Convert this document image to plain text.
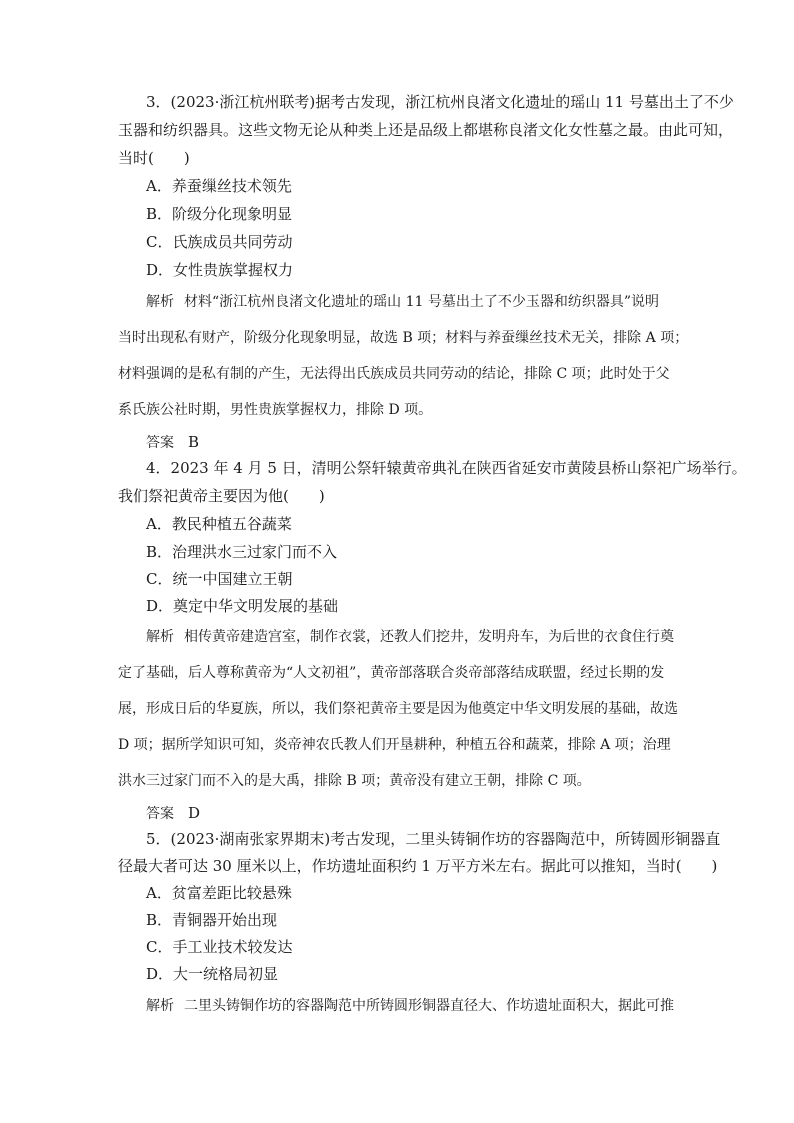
3．(2023·浙江杭州联考)据考古发现，浙江杭州良渚文化遗址的瑶山 11 号墓出土了不少
玉器和纺织器具。这些文物无论从种类上还是品级上都堪称良渚文化女性墓之最。由此可知，
当时(　　)
A．养蚕缫丝技术领先
B．阶级分化现象明显
C．氏族成员共同劳动
D．女性贵族掌握权力
解析 材料“浙江杭州良渚文化遗址的瑶山 11 号墓出土了不少玉器和纺织器具”说明
当时出现私有财产，阶级分化现象明显，故选 B 项；材料与养蚕缫丝技术无关，排除 A 项；
材料强调的是私有制的产生，无法得出氏族成员共同劳动的结论，排除 C 项；此时处于父
系氏族公社时期，男性贵族掌握权力，排除 D 项。
答案 B
4．2023 年 4 月 5 日，清明公祭轩辕黄帝典礼在陕西省延安市黄陵县桥山祭祀广场举行。
我们祭祀黄帝主要因为他(　　)
A．教民种植五谷蔬菜
B．治理洪水三过家门而不入
C．统一中国建立王朝
D．奠定中华文明发展的基础
解析 相传黄帝建造宫室，制作衣裳，还教人们挖井，发明舟车，为后世的衣食住行奠
定了基础，后人尊称黄帝为“人文初祖”，黄帝部落联合炎帝部落结成联盟，经过长期的发
展，形成日后的华夏族，所以，我们祭祀黄帝主要是因为他奠定中华文明发展的基础，故选
D 项；据所学知识可知，炎帝神农氏教人们开垦耕种，种植五谷和蔬菜，排除 A 项；治理
洪水三过家门而不入的是大禹，排除 B 项；黄帝没有建立王朝，排除 C 项。
答案 D
5．(2023·湖南张家界期末)考古发现，二里头铸铜作坊的容器陶范中，所铸圆形铜器直
径最大者可达 30 厘米以上，作坊遗址面积约 1 万平方米左右。据此可以推知，当时(　　)
A．贫富差距比较悬殊
B．青铜器开始出现
C．手工业技术较发达
D．大一统格局初显
解析 二里头铸铜作坊的容器陶范中所铸圆形铜器直径大、作坊遗址面积大，据此可推
